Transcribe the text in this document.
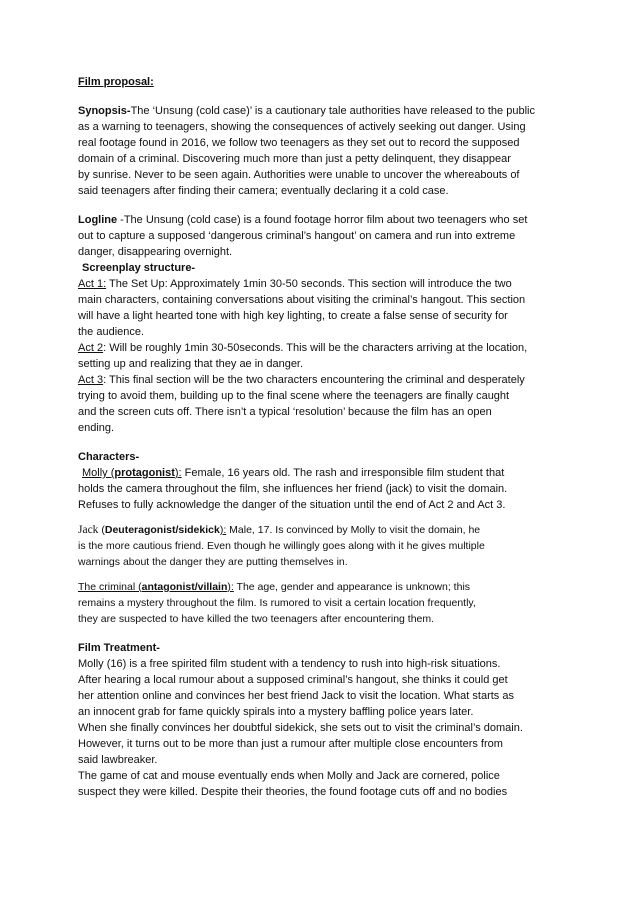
Film proposal:
Synopsis-The ‘Unsung (cold case)’ is a cautionary tale authorities have released to the public
as a warning to teenagers, showing the consequences of actively seeking out danger. Using
real footage found in 2016, we follow two teenagers as they set out to record the supposed
domain of a criminal. Discovering much more than just a petty delinquent, they disappear
by sunrise. Never to be seen again. Authorities were unable to uncover the whereabouts of
said teenagers after finding their camera; eventually declaring it a cold case.
Logline -The Unsung (cold case) is a found footage horror film about two teenagers who set
out to capture a supposed ‘dangerous criminal’s hangout’ on camera and run into extreme
danger, disappearing overnight.
Screenplay structure-
Act 1: The Set Up: Approximately 1min 30-50 seconds. This section will introduce the two
main characters, containing conversations about visiting the criminal’s hangout. This section
will have a light hearted tone with high key lighting, to create a false sense of security for
the audience.
Act 2: Will be roughly 1min 30-50seconds. This will be the characters arriving at the location,
setting up and realizing that they ae in danger.
Act 3: This final section will be the two characters encountering the criminal and desperately
trying to avoid them, building up to the final scene where the teenagers are finally caught
and the screen cuts off. There isn’t a typical ‘resolution’ because the film has an open
ending.
Characters-
Molly (protagonist): Female, 16 years old. The rash and irresponsible film student that
holds the camera throughout the film, she influences her friend (jack) to visit the domain.
Refuses to fully acknowledge the danger of the situation until the end of Act 2 and Act 3.
Jack (Deuteragonist/sidekick): Male, 17. Is convinced by Molly to visit the domain, he
is the more cautious friend. Even though he willingly goes along with it he gives multiple
warnings about the danger they are putting themselves in.
The criminal (antagonist/villain): The age, gender and appearance is unknown; this
remains a mystery throughout the film. Is rumored to visit a certain location frequently,
they are suspected to have killed the two teenagers after encountering them.
Film Treatment-
Molly (16) is a free spirited film student with a tendency to rush into high-risk situations.
After hearing a local rumour about a supposed criminal’s hangout, she thinks it could get
her attention online and convinces her best friend Jack to visit the location. What starts as
an innocent grab for fame quickly spirals into a mystery baffling police years later.
When she finally convinces her doubtful sidekick, she sets out to visit the criminal’s domain.
However, it turns out to be more than just a rumour after multiple close encounters from
said lawbreaker.
The game of cat and mouse eventually ends when Molly and Jack are cornered, police
suspect they were killed. Despite their theories, the found footage cuts off and no bodies
